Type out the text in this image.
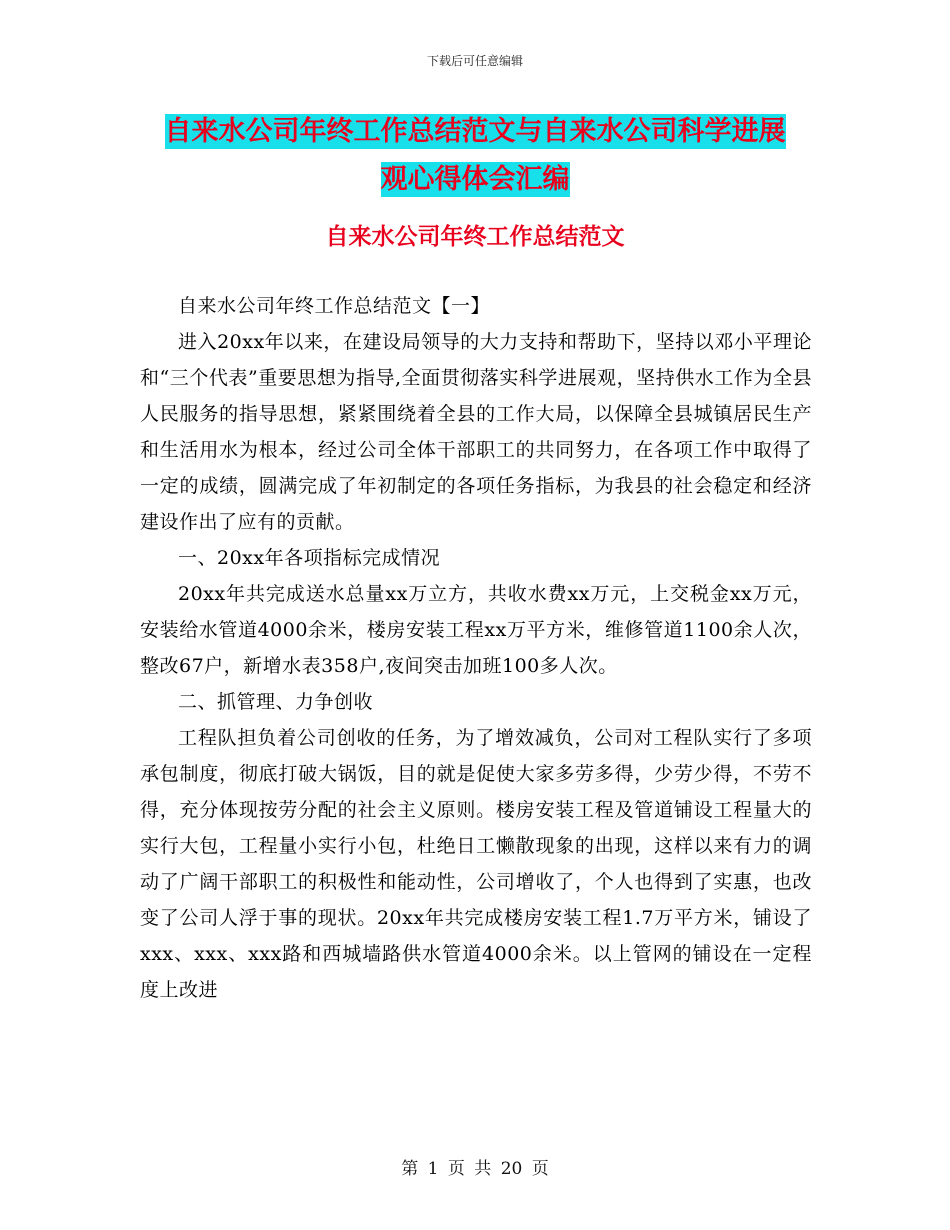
下载后可任意编辑
自来水公司年终工作总结范文与自来水公司科学进展
观心得体会汇编
自来水公司年终工作总结范文

自来水公司年终工作总结范文【一】

进入20xx年以来，在建设局领导的大力支持和帮助下，坚持以邓小平理论和“三个代表”重要思想为指导,全面贯彻落实科学进展观，坚持供水工作为全县人民服务的指导思想，紧紧围绕着全县的工作大局，以保障全县城镇居民生产和生活用水为根本，经过公司全体干部职工的共同努力，在各项工作中取得了一定的成绩，圆满完成了年初制定的各项任务指标，为我县的社会稳定和经济建设作出了应有的贡献。

一、20xx年各项指标完成情况

20xx年共完成送水总量xx万立方，共收水费xx万元，上交税金xx万元，安装给水管道4000余米，楼房安装工程xx万平方米，维修管道1100余人次，整改67户，新增水表358户,夜间突击加班100多人次。

二、抓管理、力争创收

工程队担负着公司创收的任务，为了增效减负，公司对工程队实行了多项承包制度，彻底打破大锅饭，目的就是促使大家多劳多得，少劳少得，不劳不得，充分体现按劳分配的社会主义原则。楼房安装工程及管道铺设工程量大的实行大包，工程量小实行小包，杜绝日工懒散现象的出现，这样以来有力的调动了广阔干部职工的积极性和能动性，公司增收了，个人也得到了实惠，也改变了公司人浮于事的现状。20xx年共完成楼房安装工程1.7万平方米，铺设了xxx、xxx、xxx路和西城墙路供水管道4000余米。以上管网的铺设在一定程度上改进

第 1 页 共 20 页
